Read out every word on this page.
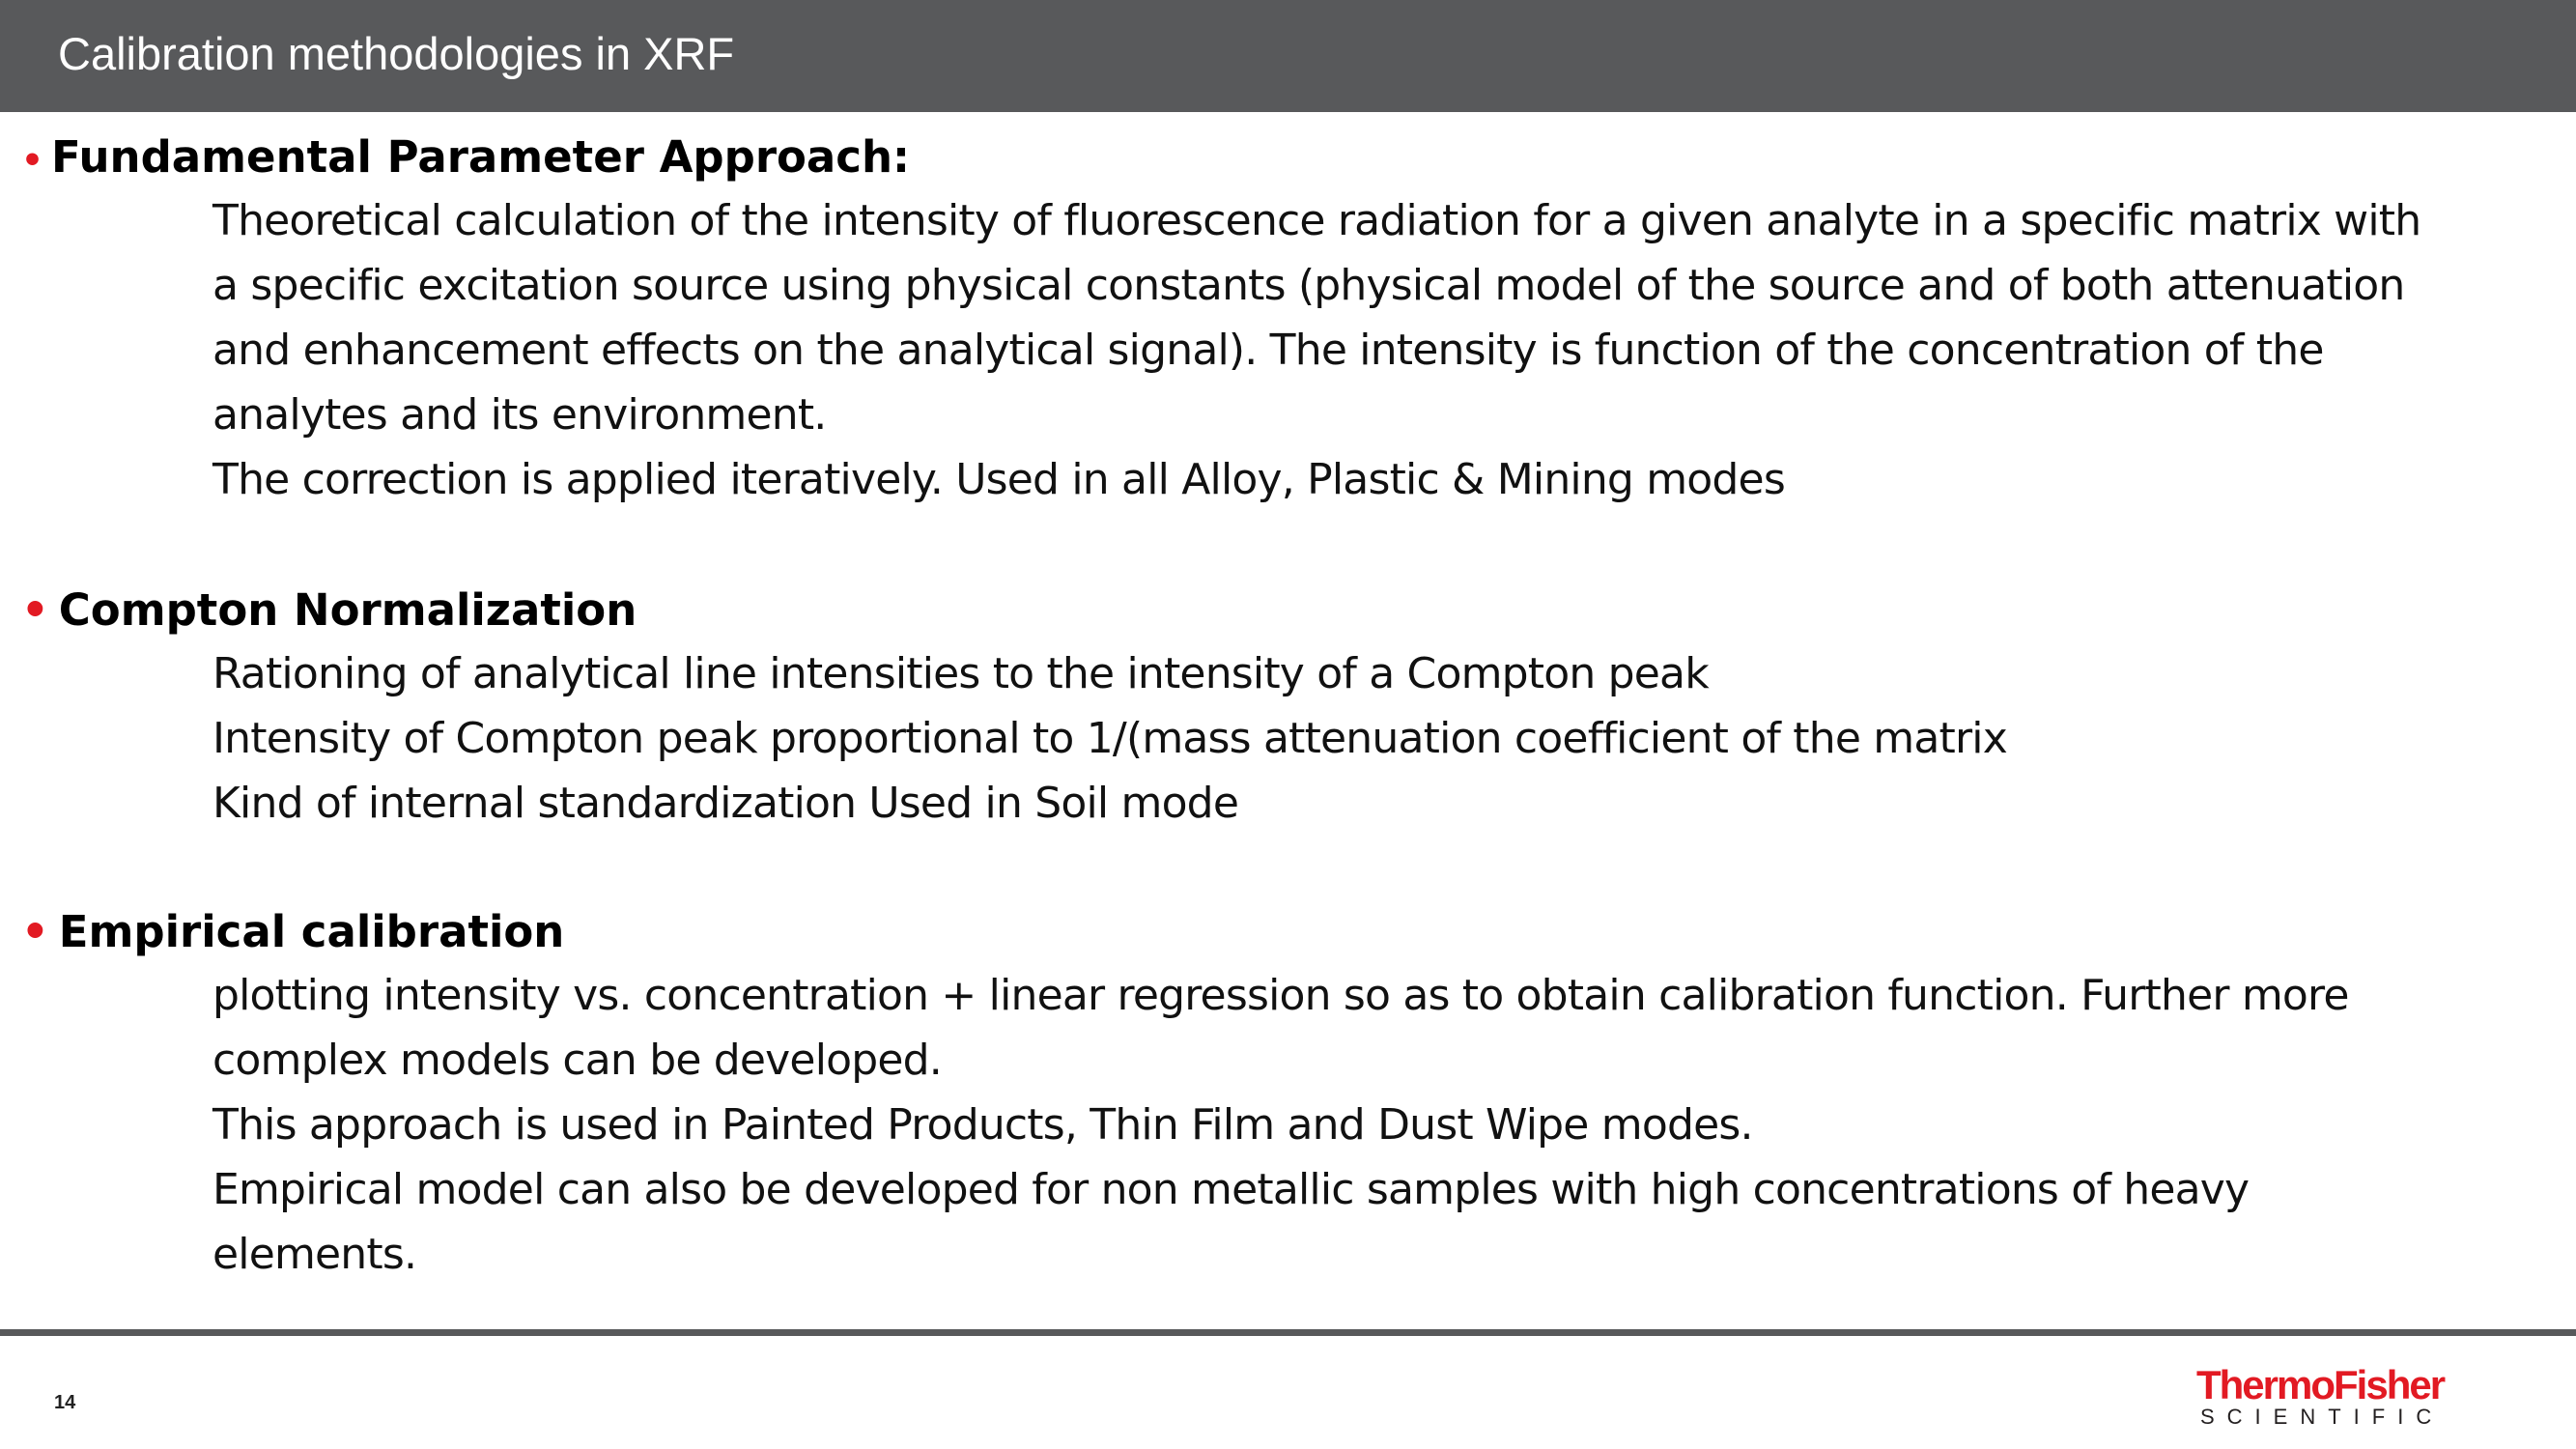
Calibration methodologies in XRF
• Fundamental Parameter Approach:
Theoretical calculation of the intensity of fluorescence radiation for a given analyte in a specific matrix with
a specific excitation source using physical constants (physical model of the source and of both attenuation
and enhancement effects on the analytical signal). The intensity is function of the concentration of the
analytes and its environment.
The correction is applied iteratively. Used in all Alloy, Plastic & Mining modes
• Compton Normalization
Rationing of analytical line intensities to the intensity of a Compton peak
Intensity of Compton peak proportional to 1/(mass attenuation coefficient of the matrix
Kind of internal standardization Used in Soil mode
• Empirical calibration
plotting intensity vs. concentration + linear regression so as to obtain calibration function. Further more
complex models can be developed.
This approach is used in Painted Products, Thin Film and Dust Wipe modes.
Empirical model can also be developed for non metallic samples with high concentrations of heavy
elements.
14	ThermoFisher
SCIENTIFIC
